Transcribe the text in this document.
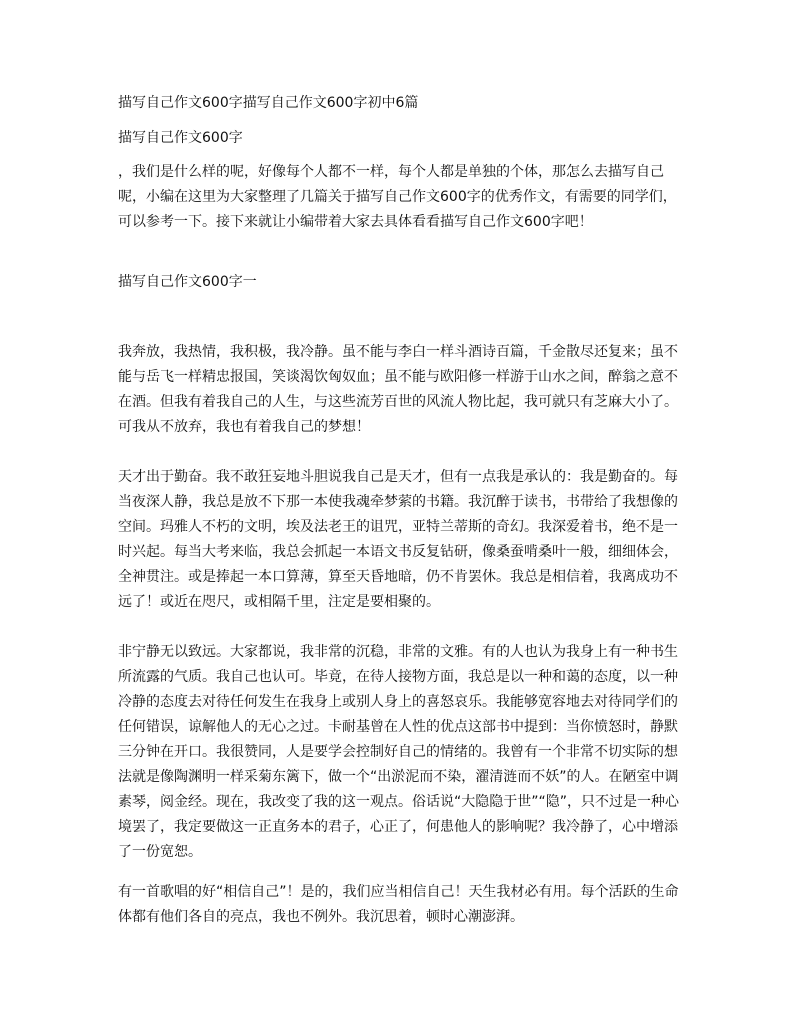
描写自己作文600字描写自己作文600字初中6篇
描写自己作文600字
，我们是什么样的呢，好像每个人都不一样，每个人都是单独的个体，那怎么去描写自己呢，小编在这里为大家整理了几篇关于描写自己作文600字的优秀作文，有需要的同学们，可以参考一下。接下来就让小编带着大家去具体看看描写自己作文600字吧！
描写自己作文600字一

我奔放，我热情，我积极，我冷静。虽不能与李白一样斗酒诗百篇，千金散尽还复来；虽不能与岳飞一样精忠报国，笑谈渴饮匈奴血；虽不能与欧阳修一样游于山水之间，醉翁之意不在酒。但我有着我自己的人生，与这些流芳百世的风流人物比起，我可就只有芝麻大小了。可我从不放弃，我也有着我自己的梦想！

天才出于勤奋。我不敢狂妄地斗胆说我自己是天才，但有一点我是承认的：我是勤奋的。每当夜深人静，我总是放不下那一本使我魂牵梦萦的书籍。我沉醉于读书，书带给了我想像的空间。玛雅人不朽的文明，埃及法老王的诅咒，亚特兰蒂斯的奇幻。我深爱着书，绝不是一时兴起。每当大考来临，我总会抓起一本语文书反复钻研，像桑蚕啃桑叶一般，细细体会，全神贯注。或是捧起一本口算薄，算至天昏地暗，仍不肯罢休。我总是相信着，我离成功不远了！或近在咫尺，或相隔千里，注定是要相聚的。

非宁静无以致远。大家都说，我非常的沉稳，非常的文雅。有的人也认为我身上有一种书生所流露的气质。我自己也认可。毕竟，在待人接物方面，我总是以一种和蔼的态度，以一种冷静的态度去对待任何发生在我身上或别人身上的喜怒哀乐。我能够宽容地去对待同学们的任何错误，谅解他人的无心之过。卡耐基曾在人性的优点这部书中提到：当你愤怒时，静默三分钟在开口。我很赞同，人是要学会控制好自己的情绪的。我曾有一个非常不切实际的想法就是像陶渊明一样采菊东篱下，做一个“出淤泥而不染，濯清涟而不妖”的人。在陋室中调素琴，阅金经。现在，我改变了我的这一观点。俗话说“大隐隐于世”“隐”，只不过是一种心境罢了，我定要做这一正直务本的君子，心正了，何患他人的影响呢？我冷静了，心中增添了一份宽恕。

有一首歌唱的好“相信自己”！是的，我们应当相信自己！天生我材必有用。每个活跃的生命体都有他们各自的亮点，我也不例外。我沉思着，顿时心潮澎湃。
